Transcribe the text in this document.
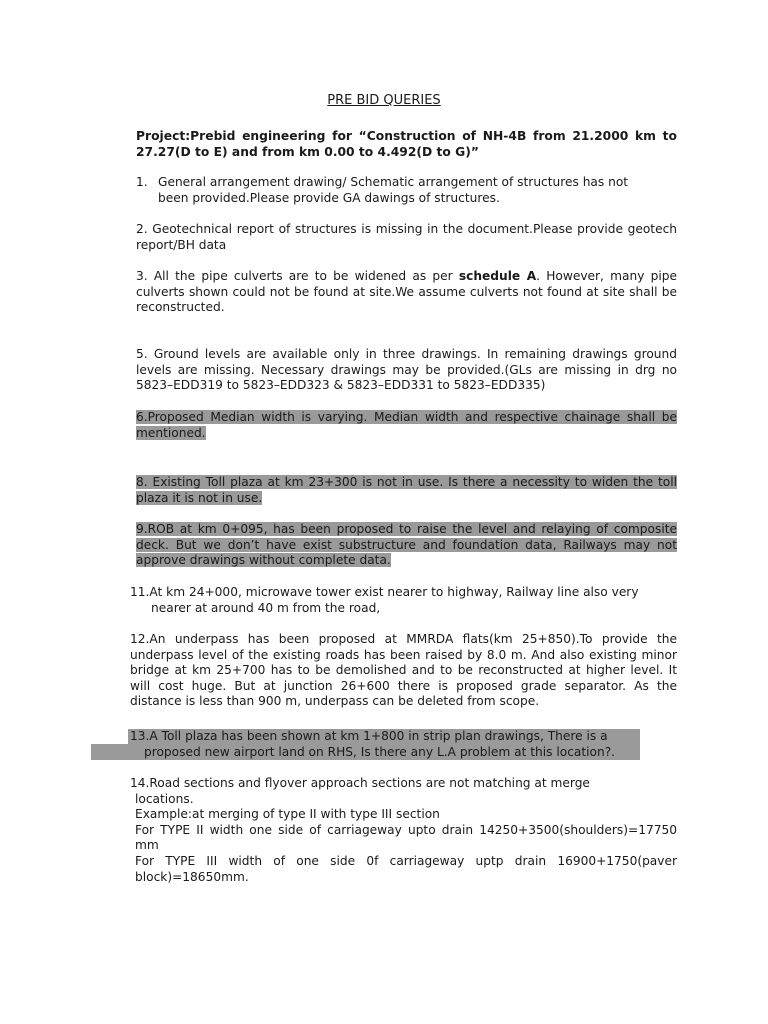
PRE BID QUERIES
Project:Prebid engineering for “Construction of NH-4B from 21.2000 km to 27.27(D to E) and from km 0.00 to 4.492(D to G)”
1. General arrangement drawing/ Schematic arrangement of structures has not
been provided.Please provide GA dawings of structures.
2. Geotechnical report of structures is missing in the document.Please provide geotech report/BH data
3. All the pipe culverts are to be widened as per schedule A. However, many pipe culverts shown could not be found at site.We assume culverts not found at site shall be reconstructed.
5. Ground levels are available only in three drawings. In remaining drawings ground levels are missing. Necessary drawings may be provided.(GLs are missing in drg no 5823–EDD319 to 5823–EDD323 & 5823–EDD331 to 5823–EDD335)
6.Proposed Median width is varying. Median width and respective chainage shall be mentioned.
8. Existing Toll plaza at km 23+300 is not in use. Is there a necessity to widen the toll plaza it is not in use.
9.ROB at km 0+095, has been proposed to raise the level and relaying of composite deck. But we don’t have exist substructure and foundation data, Railways may not approve drawings without complete data.
11.At km 24+000, microwave tower exist nearer to highway, Railway line also very
nearer at around 40 m from the road,
12.An underpass has been proposed at MMRDA flats(km 25+850).To provide the underpass level of the existing roads has been raised by 8.0 m. And also existing minor bridge at km 25+700 has to be demolished and to be reconstructed at higher level. It will cost huge. But at junction 26+600 there is proposed grade separator. As the distance is less than 900 m, underpass can be deleted from scope.
13.A Toll plaza has been shown at km 1+800 in strip plan drawings, There is a
proposed new airport land on RHS, Is there any L.A problem at this location?.
14.Road sections and flyover approach sections are not matching at merge
locations.
Example:at merging of type II with type III section
For TYPE II width one side of carriageway upto drain 14250+3500(shoulders)=17750 mm
For TYPE III width of one side 0f carriageway uptp drain 16900+1750(paver block)=18650mm.
